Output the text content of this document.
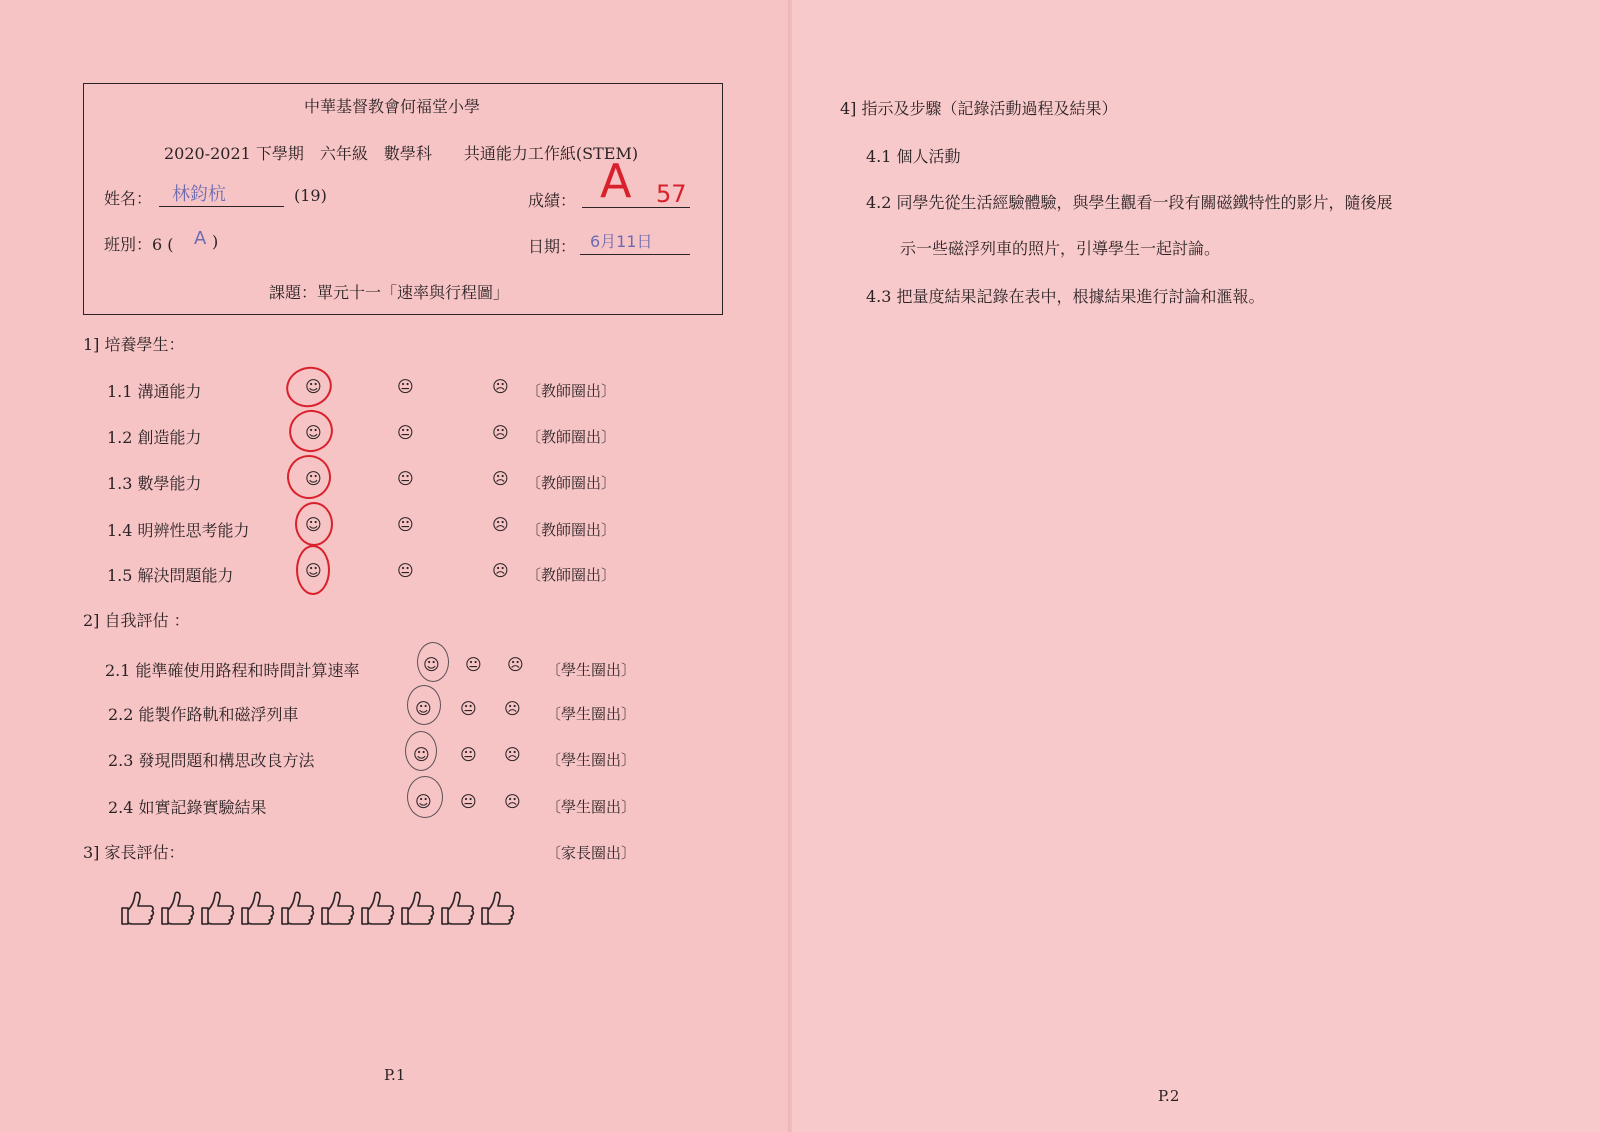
中華基督教會何福堂小學
2020-2021 下學期　六年級　數學科　　共通能力工作紙(STEM)
姓名： 林鈞杭	(19)	成績： A 57
班別：6 ( A )	日期： 6月11日
課題：單元十一「速率與行程圖」
1] 培養學生：
1.1 溝通能力	☺	😐	☹ 〔教師圈出〕
1.2 創造能力	☺	😐	☹ 〔教師圈出〕
1.3 數學能力	☺	😐	☹ 〔教師圈出〕
1.4 明辨性思考能力	☺	😐	☹ 〔教師圈出〕
1.5 解決問題能力	☺	😐	☹ 〔教師圈出〕
2] 自我評估 ：
2.1 能準確使用路程和時間計算速率	☺ 😐 ☹ 〔學生圈出〕
2.2 能製作路軌和磁浮列車	☺ 😐 ☹ 〔學生圈出〕
2.3 發現問題和構思改良方法	☺ 😐 ☹ 〔學生圈出〕
2.4 如實記錄實驗結果	☺ 😐 ☹ 〔學生圈出〕
3] 家長評估：	〔家長圈出〕
P.1
4] 指示及步驟（記錄活動過程及結果）
4.1 個人活動
4.2 同學先從生活經驗體驗，與學生觀看一段有關磁鐵特性的影片，隨後展
示一些磁浮列車的照片，引導學生一起討論。
4.3 把量度結果記錄在表中，根據結果進行討論和滙報。
P.2
